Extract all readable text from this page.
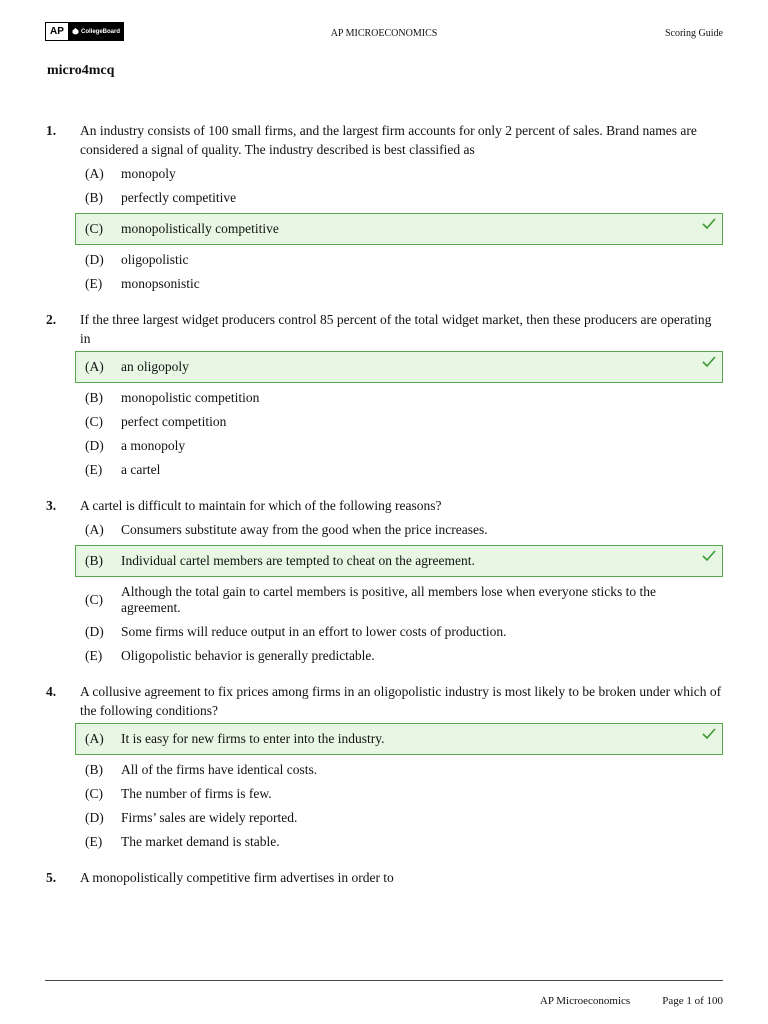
AP	CollegeBoard	AP MICROECONOMICS	Scoring Guide
micro4mcq
1.	An industry consists of 100 small firms, and the largest firm accounts for only 2 percent of sales. Brand names are considered a signal of quality. The industry described is best classified as
(A)	monopoly
(B)	perfectly competitive
(C)	monopolistically competitive
(D)	oligopolistic
(E)	monopsonistic
2.	If the three largest widget producers control 85 percent of the total widget market, then these producers are operating in
(A)	an oligopoly
(B)	monopolistic competition
(C)	perfect competition
(D)	a monopoly
(E)	a cartel
3.	A cartel is difficult to maintain for which of the following reasons?
(A)	Consumers substitute away from the good when the price increases.
(B)	Individual cartel members are tempted to cheat on the agreement.
(C)
Although the total gain to cartel members is positive, all members lose when everyone sticks to the agreement.
(D)	Some firms will reduce output in an effort to lower costs of production.
(E)	Oligopolistic behavior is generally predictable.
4.	A collusive agreement to fix prices among firms in an oligopolistic industry is most likely to be broken under which of the following conditions?
(A)	It is easy for new firms to enter into the industry.
(B)	All of the firms have identical costs.
(C)	The number of firms is few.
(D)	Firms’ sales are widely reported.
(E)	The market demand is stable.
5.	A monopolistically competitive firm advertises in order to
AP Microeconomics	Page 1 of 100
